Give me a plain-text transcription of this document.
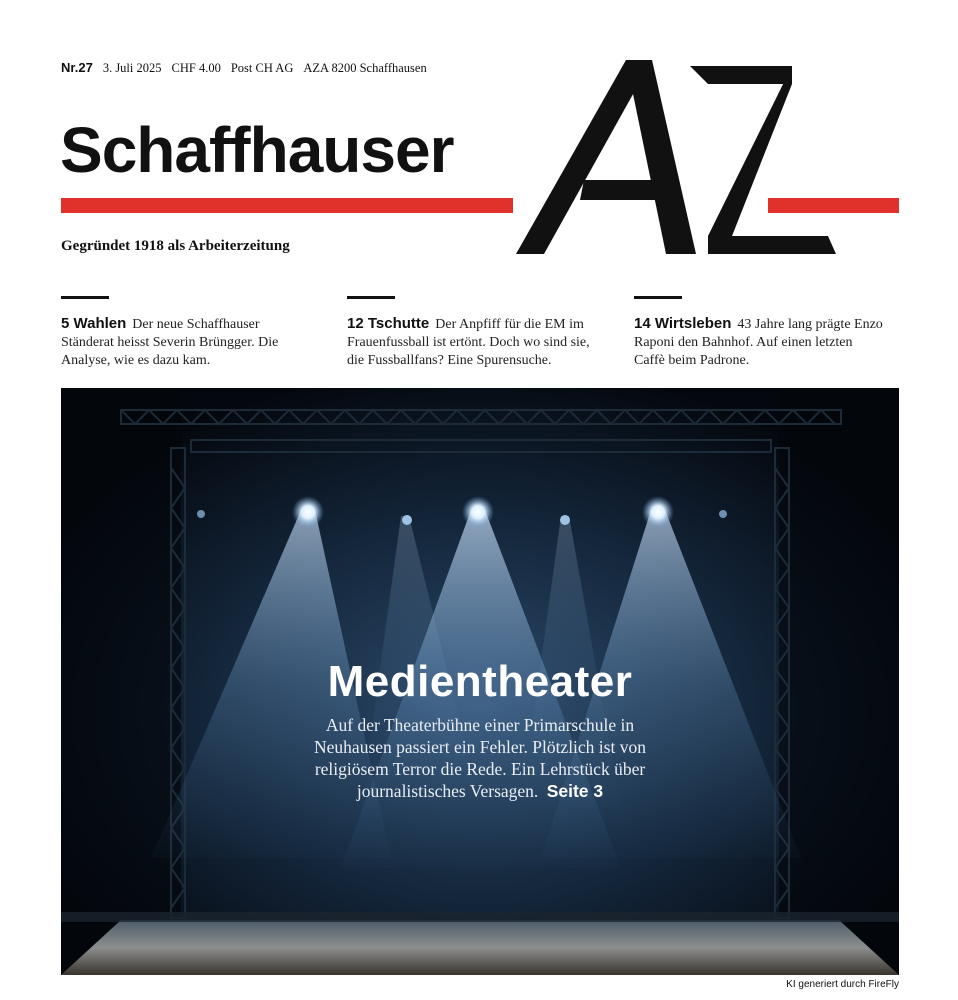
Nr.27 3. Juli 2025 CHF 4.00 Post CH AG AZA 8200 Schaffhausen
Schaffhauser
Gegründet 1918 als Arbeiterzeitung
5 Wahlen Der neue Schaffhauser Ständerat heisst Severin Brüngger. Die Analyse, wie es dazu kam.
12 Tschutte Der Anpfiff für die EM im Frauenfussball ist ertönt. Doch wo sind sie, die Fussballfans? Eine Spurensuche.
14 Wirtsleben 43 Jahre lang prägte Enzo Raponi den Bahnhof. Auf einen letzten Caffè beim Padrone.
Medientheater
Auf der Theaterbühne einer Primarschule in Neuhausen passiert ein Fehler. Plötzlich ist von religiösem Terror die Rede. Ein Lehrstück über journalistisches Versagen. Seite 3
KI generiert durch FireFly
